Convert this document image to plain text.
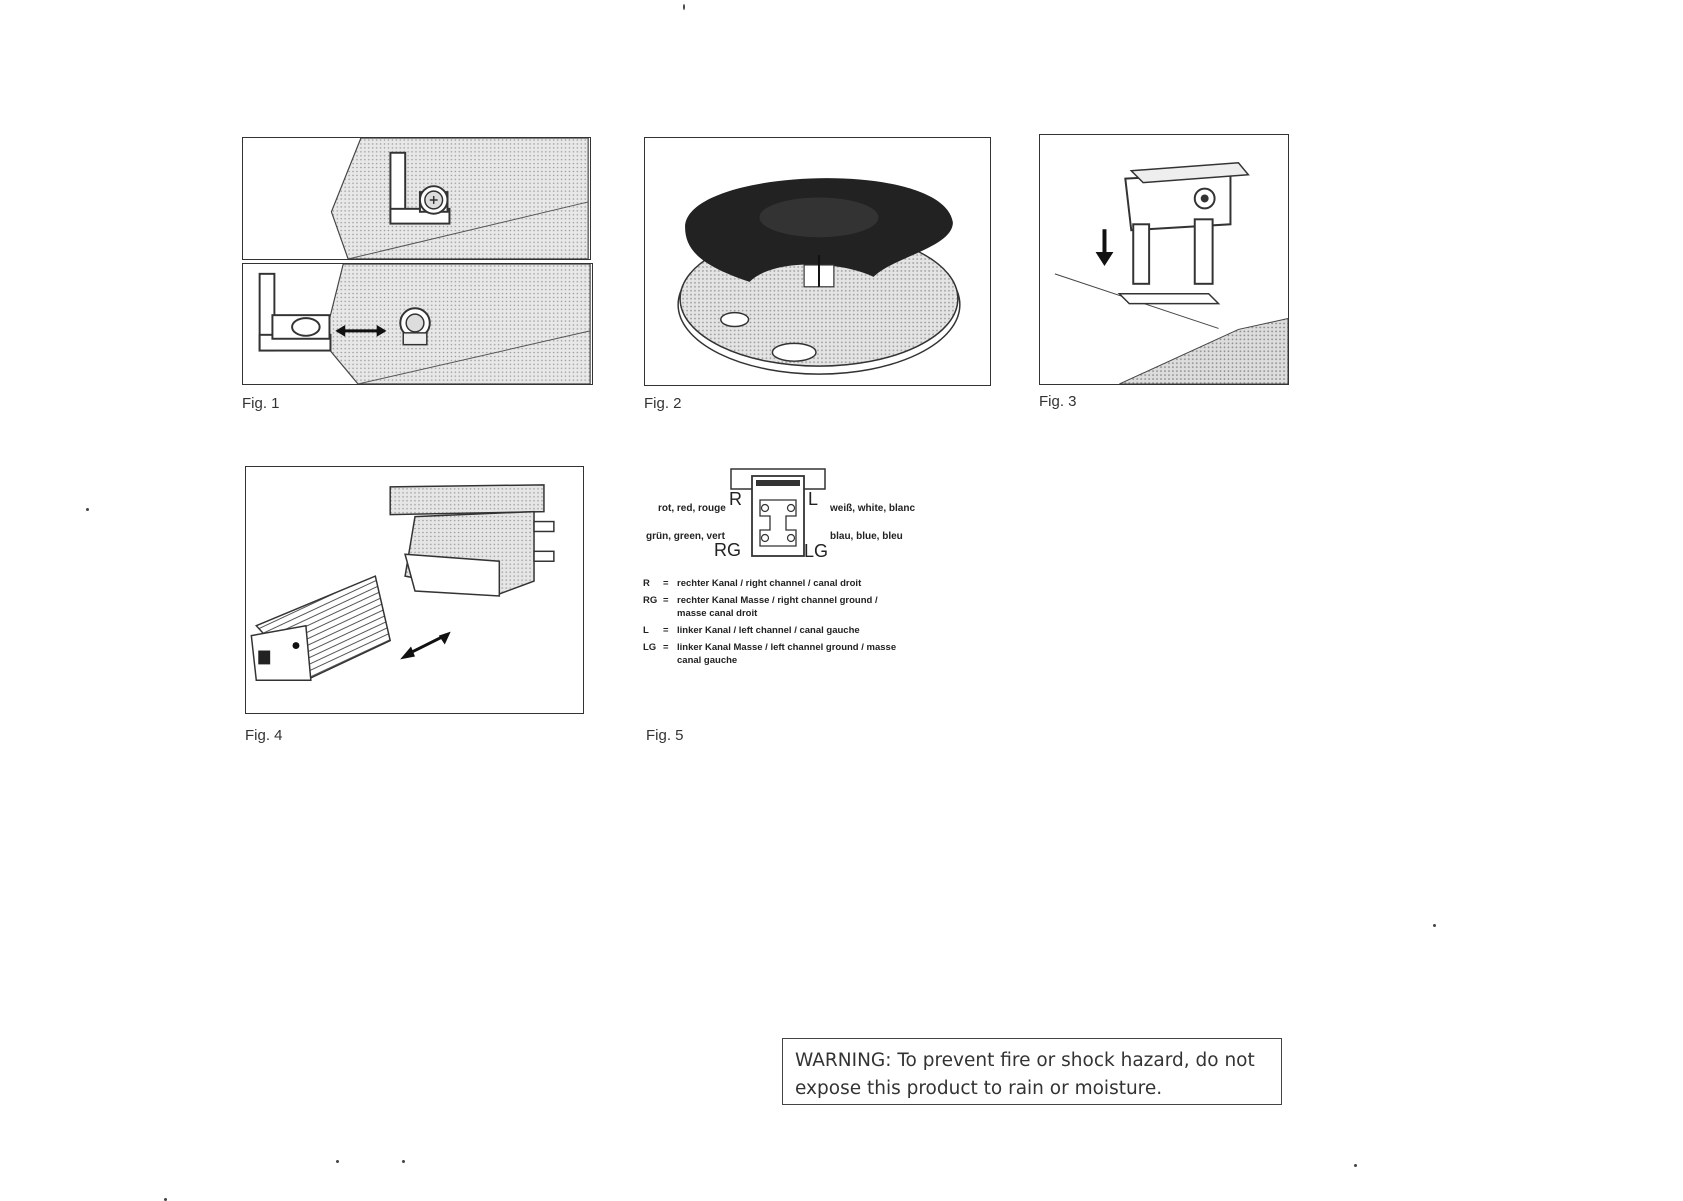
Fig. 1	Fig. 2	Fig. 3
Fig. 4
R	L
RG	LG
rot, red, rouge	weiß, white, blanc
grün, green, vert	blau, blue, bleu
R	= rechter Kanal / right channel / canal droit
RG = rechter Kanal Masse / right channel ground / masse canal droit
L	= linker Kanal / left channel / canal gauche
LG = linker Kanal Masse / left channel ground / masse canal gauche
Fig. 5
WARNING: To prevent fire or shock hazard, do not expose this product to rain or moisture.
